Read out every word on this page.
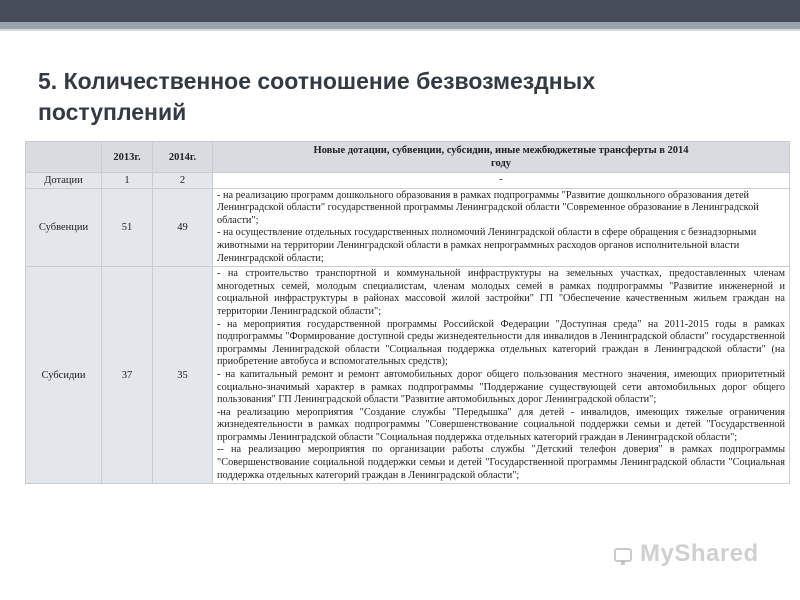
5. Количественное соотношение безвозмездных поступлений
	2013г.	2014г.	Новые дотации, субвенции, субсидии, иные межбюджетные трансферты в 2014 году
Дотации	1	2	-

Субвенции	51	49	- на реализацию программ дошкольного образования в рамках подпрограммы "Развитие дошкольного образования детей Ленинградской области" государственной программы Ленинградской области "Современное образование в Ленинградской области";

- на осуществление отдельных государственных полномочий Ленинградской области в сфере обращения с безнадзорными животными на территории Ленинградской области в рамках непрограммных расходов органов исполнительной власти Ленинградской области;

Субсидии	37	35	- на строительство транспортной и коммунальной инфраструктуры на земельных участках, предоставленных членам многодетных семей, молодым специалистам, членам молодых семей в рамках подпрограммы "Развитие инженерной и социальной инфраструктуры в районах массовой жилой застройки" ГП "Обеспечение качественным жильем граждан на территории Ленинградской области";

- на мероприятия государственной программы Российской Федерации "Доступная среда" на 2011-2015 годы в рамках подпрограммы "Формирование доступной среды жизнедеятельности для инвалидов в Ленинградской области" государственной программы Ленинградской области "Социальная поддержка отдельных категорий граждан в Ленинградской области" (на приобретение автобуса и вспомогательных средств);

- на капитальный ремонт и ремонт автомобильных дорог общего пользования местного значения, имеющих приоритетный социально-значимый характер в рамках подпрограммы "Поддержание существующей сети автомобильных дорог общего пользования" ГП Ленинградской области "Развитие автомобильных дорог Ленинградской области";

-на реализацию мероприятия "Создание службы "Передышка" для детей - инвалидов, имеющих тяжелые ограничения жизнедеятельности в рамках подпрограммы "Совершенствование социальной поддержки семьи и детей "Государственной программы Ленинградской области "Социальная поддержка отдельных категорий граждан в Ленинградской области";

-- на реализацию мероприятия по организации работы службы "Детский телефон доверия" в рамках подпрограммы "Совершенствование социальной поддержки семьи и детей "Государственной программы Ленинградской области "Социальная поддержка отдельных категорий граждан в Ленинградской области";

MyShared
